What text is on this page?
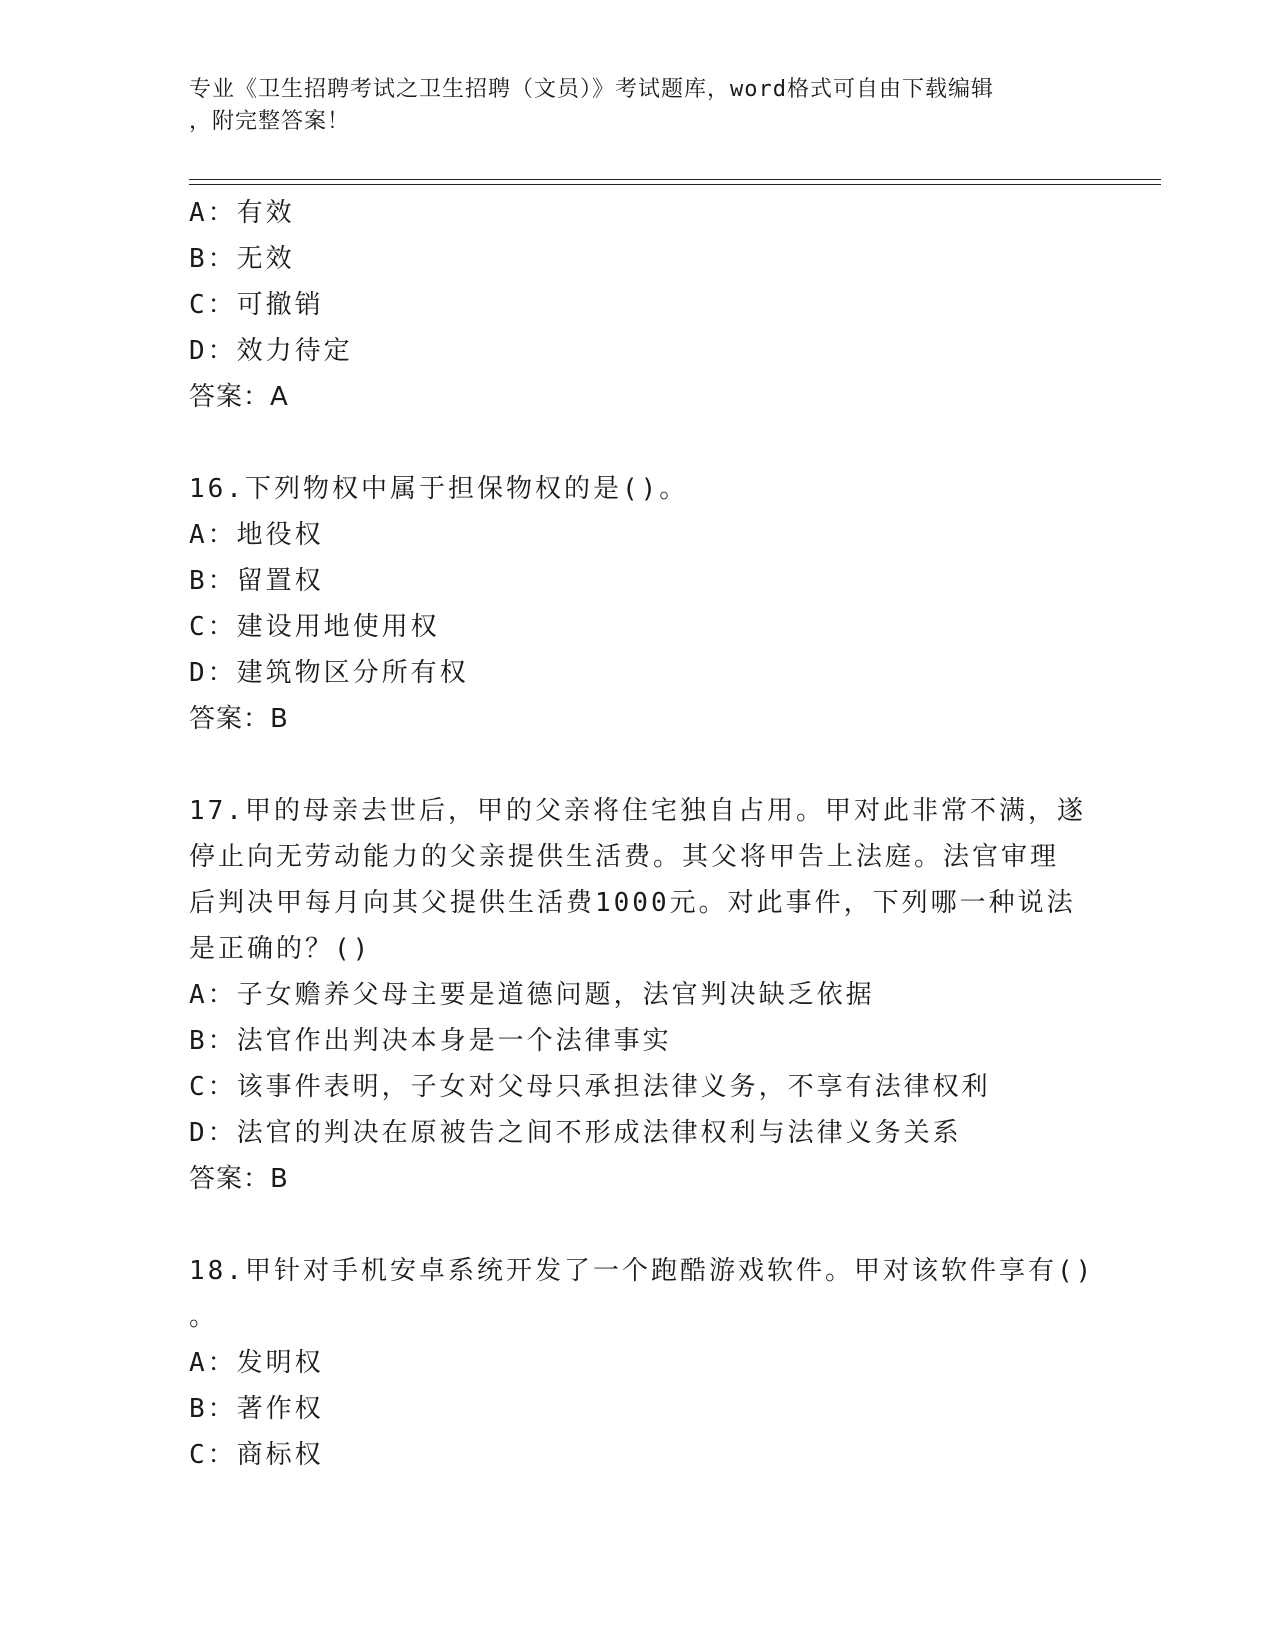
专业《卫生招聘考试之卫生招聘（文员）》考试题库，word格式可自由下载编辑
，附完整答案！
A：有效
B：无效
C：可撤销
D：效力待定
答案：A
16.下列物权中属于担保物权的是()。
A：地役权
B：留置权
C：建设用地使用权
D：建筑物区分所有权
答案：B
17.甲的母亲去世后，甲的父亲将住宅独自占用。甲对此非常不满，遂
停止向无劳动能力的父亲提供生活费。其父将甲告上法庭。法官审理
后判决甲每月向其父提供生活费1000元。对此事件，下列哪一种说法
是正确的？()
A：子女赡养父母主要是道德问题，法官判决缺乏依据
B：法官作出判决本身是一个法律事实
C：该事件表明，子女对父母只承担法律义务，不享有法律权利
D：法官的判决在原被告之间不形成法律权利与法律义务关系
答案：B
18.甲针对手机安卓系统开发了一个跑酷游戏软件。甲对该软件享有()
。
A：发明权
B：著作权
C：商标权
